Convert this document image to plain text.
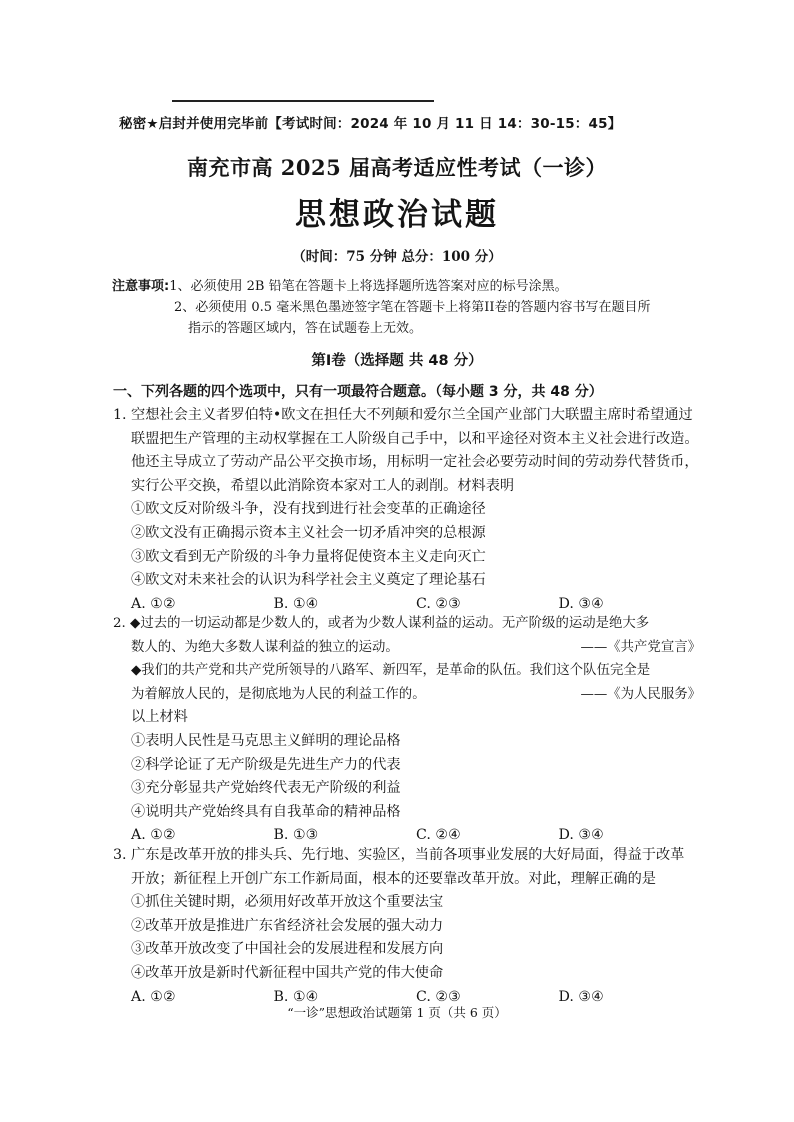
秘密★启封并使用完毕前【考试时间：2024 年 10 月 11 日 14：30-15：45】
南充市高 2025 届高考适应性考试（一诊）
思想政治试题
（时间：75 分钟 总分：100 分）
注意事项: 1、必须使用 2B 铅笔在答题卡上将选择题所选答案对应的标号涂黑。
2、必须使用 0.5 毫米黑色墨迹签字笔在答题卡上将第II卷的答题内容书写在题目所
指示的答题区域内，答在试题卷上无效。
第Ⅰ卷（选择题 共 48 分）
一、下列各题的四个选项中，只有一项最符合题意。（每小题 3 分，共 48 分）
1. 空想社会主义者罗伯特•欧文在担任大不列颠和爱尔兰全国产业部门大联盟主席时希望通过
联盟把生产管理的主动权掌握在工人阶级自己手中，以和平途径对资本主义社会进行改造。
他还主导成立了劳动产品公平交换市场，用标明一定社会必要劳动时间的劳动券代替货币，
实行公平交换，希望以此消除资本家对工人的剥削。材料表明
①欧文反对阶级斗争，没有找到进行社会变革的正确途径
②欧文没有正确揭示资本主义社会一切矛盾冲突的总根源
③欧文看到无产阶级的斗争力量将促使资本主义走向灭亡
④欧文对未来社会的认识为科学社会主义奠定了理论基石
A. ①②	B. ①④	C. ②③	D. ③④
2. ◆过去的一切运动都是少数人的，或者为少数人谋利益的运动。无产阶级的运动是绝大多
数人的、为绝大多数人谋利益的独立的运动。	——《共产党宣言》
◆我们的共产党和共产党所领导的八路军、新四军，是革命的队伍。我们这个队伍完全是
为着解放人民的，是彻底地为人民的利益工作的。	——《为人民服务》
以上材料
①表明人民性是马克思主义鲜明的理论品格
②科学论证了无产阶级是先进生产力的代表
③充分彰显共产党始终代表无产阶级的利益
④说明共产党始终具有自我革命的精神品格
A. ①②	B. ①③	C. ②④	D. ③④
3. 广东是改革开放的排头兵、先行地、实验区，当前各项事业发展的大好局面，得益于改革
开放；新征程上开创广东工作新局面，根本的还要靠改革开放。对此，理解正确的是
①抓住关键时期，必须用好改革开放这个重要法宝
②改革开放是推进广东省经济社会发展的强大动力
③改革开放改变了中国社会的发展进程和发展方向
④改革开放是新时代新征程中国共产党的伟大使命
A. ①②	B. ①④	C. ②③	D. ③④
“一诊”思想政治试题第 1 页（共 6 页）
